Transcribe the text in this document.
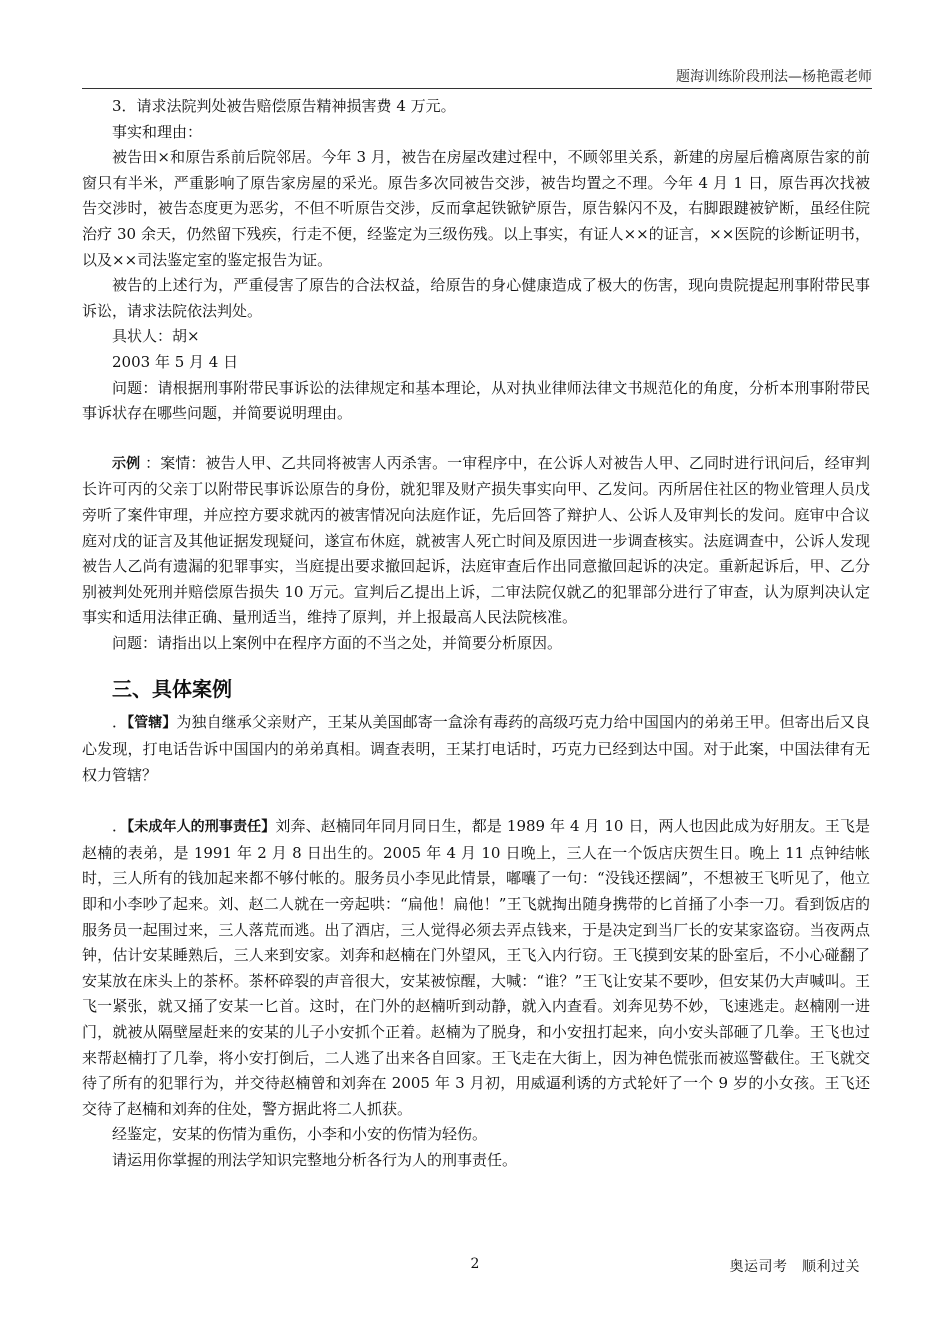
题海训练阶段刑法—杨艳霞老师

3．请求法院判处被告赔偿原告精神损害费 4 万元。

事实和理由：

被告田×和原告系前后院邻居。今年 3 月，被告在房屋改建过程中，不顾邻里关系，新建的房屋后檐离原告家的前窗只有半米，严重影响了原告家房屋的采光。原告多次同被告交涉，被告均置之不理。今年 4 月 1 日，原告再次找被告交涉时，被告态度更为恶劣，不但不听原告交涉，反而拿起铁锨铲原告，原告躲闪不及，右脚跟踺被铲断，虽经住院治疗 30 余天，仍然留下残疾，行走不便，经鉴定为三级伤残。以上事实，有证人××的证言，××医院的诊断证明书，以及××司法鉴定室的鉴定报告为证。

被告的上述行为，严重侵害了原告的合法权益，给原告的身心健康造成了极大的伤害，现向贵院提起刑事附带民事诉讼，请求法院依法判处。

具状人：胡×

2003 年 5 月 4 日

问题：请根据刑事附带民事诉讼的法律规定和基本理论，从对执业律师法律文书规范化的角度，分析本刑事附带民事诉状存在哪些问题，并简要说明理由。

示例 ：案情：被告人甲、乙共同将被害人丙杀害。一审程序中，在公诉人对被告人甲、乙同时进行讯问后，经审判长许可丙的父亲丁以附带民事诉讼原告的身份，就犯罪及财产损失事实向甲、乙发问。丙所居住社区的物业管理人员戊旁听了案件审理，并应控方要求就丙的被害情况向法庭作证，先后回答了辩护人、公诉人及审判长的发问。庭审中合议庭对戊的证言及其他证据发现疑问，遂宣布休庭，就被害人死亡时间及原因进一步调查核实。法庭调查中，公诉人发现被告人乙尚有遗漏的犯罪事实，当庭提出要求撤回起诉，法庭审查后作出同意撤回起诉的决定。重新起诉后，甲、乙分别被判处死刑并赔偿原告损失 10 万元。宣判后乙提出上诉，二审法院仅就乙的犯罪部分进行了审查，认为原判决认定事实和适用法律正确、量刑适当，维持了原判，并上报最高人民法院核准。

问题：请指出以上案例中在程序方面的不当之处，并简要分析原因。

三、具体案例

．【管辖】为独自继承父亲财产，王某从美国邮寄一盒涂有毒药的高级巧克力给中国国内的弟弟王甲。但寄出后又良心发现，打电话告诉中国国内的弟弟真相。调查表明，王某打电话时，巧克力已经到达中国。对于此案，中国法律有无权力管辖？

．【未成年人的刑事责任】刘奔、赵楠同年同月同日生，都是 1989 年 4 月 10 日，两人也因此成为好朋友。王飞是赵楠的表弟，是 1991 年 2 月 8 日出生的。2005 年 4 月 10 日晚上，三人在一个饭店庆贺生日。晚上 11 点钟结帐时，三人所有的钱加起来都不够付帐的。服务员小李见此情景，嘟囔了一句：“没钱还摆阔”，不想被王飞听见了，他立即和小李吵了起来。刘、赵二人就在一旁起哄：“扁他！扁他！”王飞就掏出随身携带的匕首捅了小李一刀。看到饭店的服务员一起围过来，三人落荒而逃。出了酒店，三人觉得必须去弄点钱来，于是决定到当厂长的安某家盗窃。当夜两点钟，估计安某睡熟后，三人来到安家。刘奔和赵楠在门外望风，王飞入内行窃。王飞摸到安某的卧室后，不小心碰翻了安某放在床头上的茶杯。茶杯碎裂的声音很大，安某被惊醒，大喊：“谁？”王飞让安某不要吵，但安某仍大声喊叫。王飞一紧张，就又捅了安某一匕首。这时，在门外的赵楠听到动静，就入内查看。刘奔见势不妙，飞速逃走。赵楠刚一进门，就被从隔壁屋赶来的安某的儿子小安抓个正着。赵楠为了脱身，和小安扭打起来，向小安头部砸了几拳。王飞也过来帮赵楠打了几拳，将小安打倒后，二人逃了出来各自回家。王飞走在大街上，因为神色慌张而被巡警截住。王飞就交待了所有的犯罪行为，并交待赵楠曾和刘奔在 2005 年 3 月初，用威逼利诱的方式轮奸了一个 9 岁的小女孩。王飞还交待了赵楠和刘奔的住处，警方据此将二人抓获。

经鉴定，安某的伤情为重伤，小李和小安的伤情为轻伤。

请运用你掌握的刑法学知识完整地分析各行为人的刑事责任。

2	奥运司考　顺利过关
